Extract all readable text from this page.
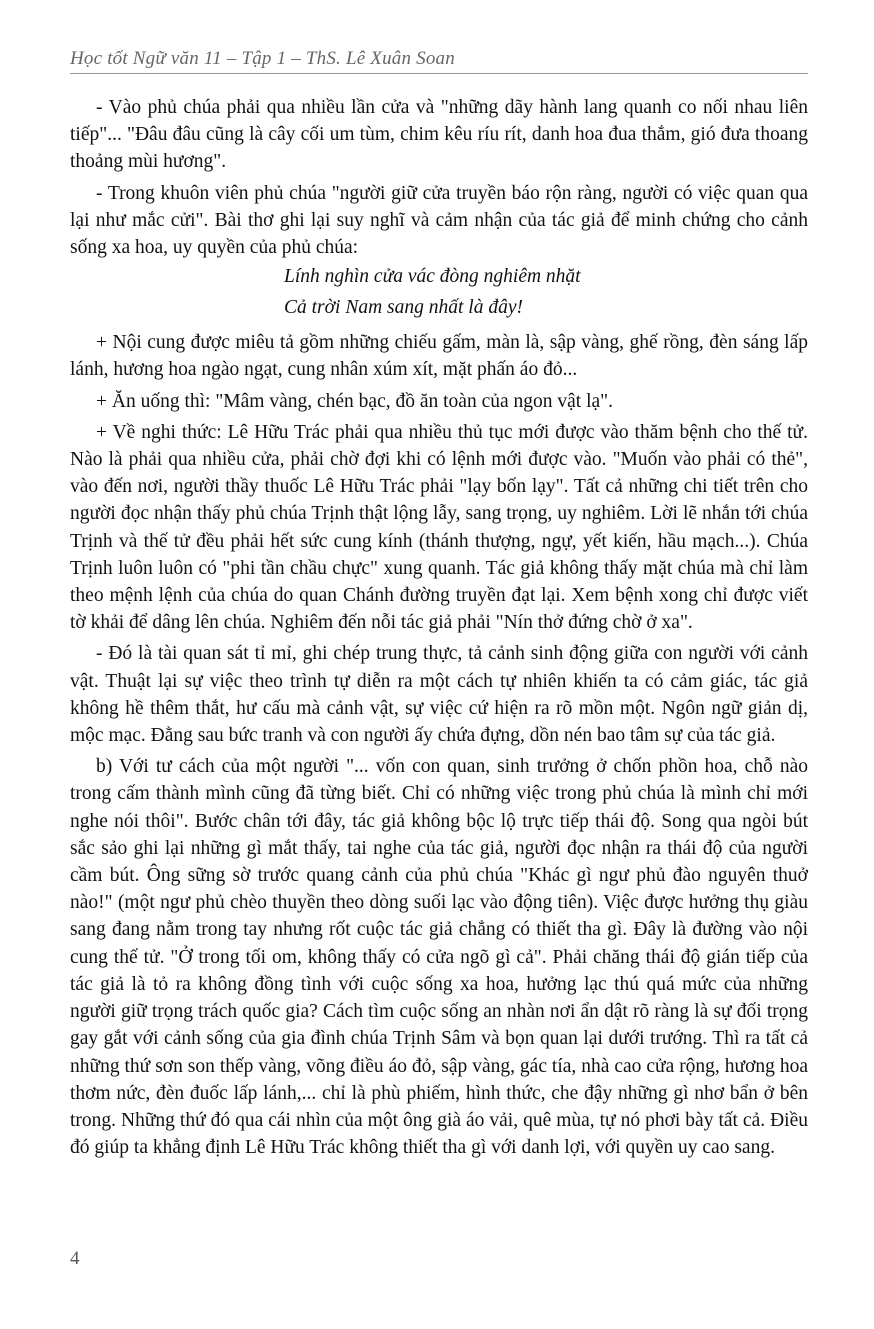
Học tốt Ngữ văn 11 – Tập 1 – ThS. Lê Xuân Soan

- Vào phủ chúa phải qua nhiều lần cửa và "những dãy hành lang quanh co nối nhau liên tiếp"... "Đâu đâu cũng là cây cối um tùm, chim kêu ríu rít, danh hoa đua thắm, gió đưa thoang thoảng mùi hương".

- Trong khuôn viên phủ chúa "người giữ cửa truyền báo rộn ràng, người có việc quan qua lại như mắc cửi". Bài thơ ghi lại suy nghĩ và cảm nhận của tác giả để minh chứng cho cảnh sống xa hoa, uy quyền của phủ chúa:

Lính nghìn cửa vác đòng nghiêm nhặt

Cả trời Nam sang nhất là đây!

+ Nội cung được miêu tả gồm những chiếu gấm, màn là, sập vàng, ghế rồng, đèn sáng lấp lánh, hương hoa ngào ngạt, cung nhân xúm xít, mặt phấn áo đỏ...

+ Ăn uống thì: "Mâm vàng, chén bạc, đồ ăn toàn của ngon vật lạ".

+ Về nghi thức: Lê Hữu Trác phải qua nhiều thủ tục mới được vào thăm bệnh cho thế tử. Nào là phải qua nhiều cửa, phải chờ đợi khi có lệnh mới được vào. "Muốn vào phải có thẻ", vào đến nơi, người thầy thuốc Lê Hữu Trác phải "lạy bốn lạy". Tất cả những chi tiết trên cho người đọc nhận thấy phủ chúa Trịnh thật lộng lẫy, sang trọng, uy nghiêm. Lời lẽ nhắn tới chúa Trịnh và thế tử đều phải hết sức cung kính (thánh thượng, ngự, yết kiến, hầu mạch...). Chúa Trịnh luôn luôn có "phi tần chầu chực" xung quanh. Tác giả không thấy mặt chúa mà chỉ làm theo mệnh lệnh của chúa do quan Chánh đường truyền đạt lại. Xem bệnh xong chỉ được viết tờ khải để dâng lên chúa. Nghiêm đến nỗi tác giả phải "Nín thở đứng chờ ở xa".

- Đó là tài quan sát tỉ mỉ, ghi chép trung thực, tả cảnh sinh động giữa con người với cảnh vật. Thuật lại sự việc theo trình tự diễn ra một cách tự nhiên khiến ta có cảm giác, tác giả không hề thêm thắt, hư cấu mà cảnh vật, sự việc cứ hiện ra rõ mồn một. Ngôn ngữ giản dị, mộc mạc. Đằng sau bức tranh và con người ấy chứa đựng, dồn nén bao tâm sự của tác giả.

b) Với tư cách của một người "... vốn con quan, sinh trưởng ở chốn phồn hoa, chỗ nào trong cấm thành mình cũng đã từng biết. Chỉ có những việc trong phủ chúa là mình chỉ mới nghe nói thôi". Bước chân tới đây, tác giả không bộc lộ trực tiếp thái độ. Song qua ngòi bút sắc sảo ghi lại những gì mắt thấy, tai nghe của tác giả, người đọc nhận ra thái độ của người cầm bút. Ông sững sờ trước quang cảnh của phủ chúa "Khác gì ngư phủ đào nguyên thuở nào!" (một ngư phủ chèo thuyền theo dòng suối lạc vào động tiên). Việc được hưởng thụ giàu sang đang nằm trong tay nhưng rốt cuộc tác giả chẳng có thiết tha gì. Đây là đường vào nội cung thế tử. "Ở trong tối om, không thấy có cửa ngõ gì cả". Phải chăng thái độ gián tiếp của tác giả là tỏ ra không đồng tình với cuộc sống xa hoa, hưởng lạc thú quá mức của những người giữ trọng trách quốc gia? Cách tìm cuộc sống an nhàn nơi ẩn dật rõ ràng là sự đối trọng gay gắt với cảnh sống của gia đình chúa Trịnh Sâm và bọn quan lại dưới trướng. Thì ra tất cả những thứ sơn son thếp vàng, võng điều áo đỏ, sập vàng, gác tía, nhà cao cửa rộng, hương hoa thơm nức, đèn đuốc lấp lánh,... chỉ là phù phiếm, hình thức, che đậy những gì nhơ bẩn ở bên trong. Những thứ đó qua cái nhìn của một ông già áo vải, quê mùa, tự nó phơi bày tất cả. Điều đó giúp ta khẳng định Lê Hữu Trác không thiết tha gì với danh lợi, với quyền uy cao sang.

4
